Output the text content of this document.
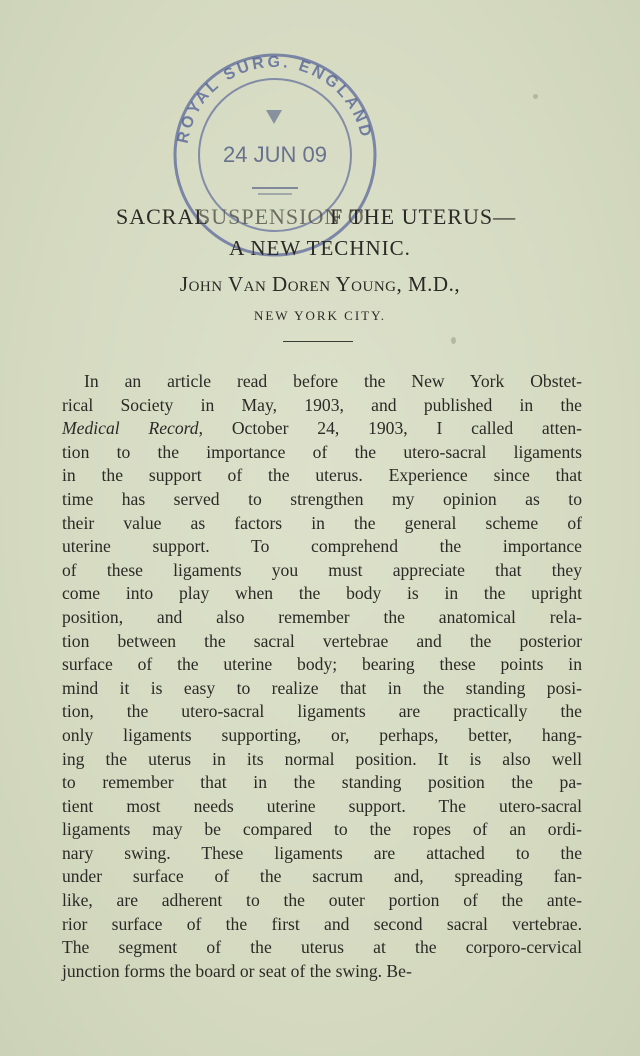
ROYAL SURG. ENGLAND
24 JUN 09
SACRAL
SUSPENSION O
F THE UTERUS—
A NEW TECHNIC.
John Van Doren Young, M.D.,
NEW YORK CITY.
In an article read before the New York Obstet-
rical Society in May, 1903, and published in the
Medical Record, October 24, 1903, I called atten-
tion to the importance of the utero-sacral ligaments
in the support of the uterus. Experience since that
time has served to strengthen my opinion as to
their value as factors in the general scheme of
uterine support. To comprehend the importance
of these ligaments you must appreciate that they
come into play when the body is in the upright
position, and also remember the anatomical rela-
tion between the sacral vertebrae and the posterior
surface of the uterine body; bearing these points in
mind it is easy to realize that in the standing posi-
tion, the utero-sacral ligaments are practically the
only ligaments supporting, or, perhaps, better, hang-
ing the uterus in its normal position. It is also well
to remember that in the standing position the pa-
tient most needs uterine support. The utero-sacral
ligaments may be compared to the ropes of an ordi-
nary swing. These ligaments are attached to the
under surface of the sacrum and, spreading fan-
like, are adherent to the outer portion of the ante-
rior surface of the first and second sacral vertebrae.
The segment of the uterus at the corporo-cervical
junction forms the board or seat of the swing. Be-
